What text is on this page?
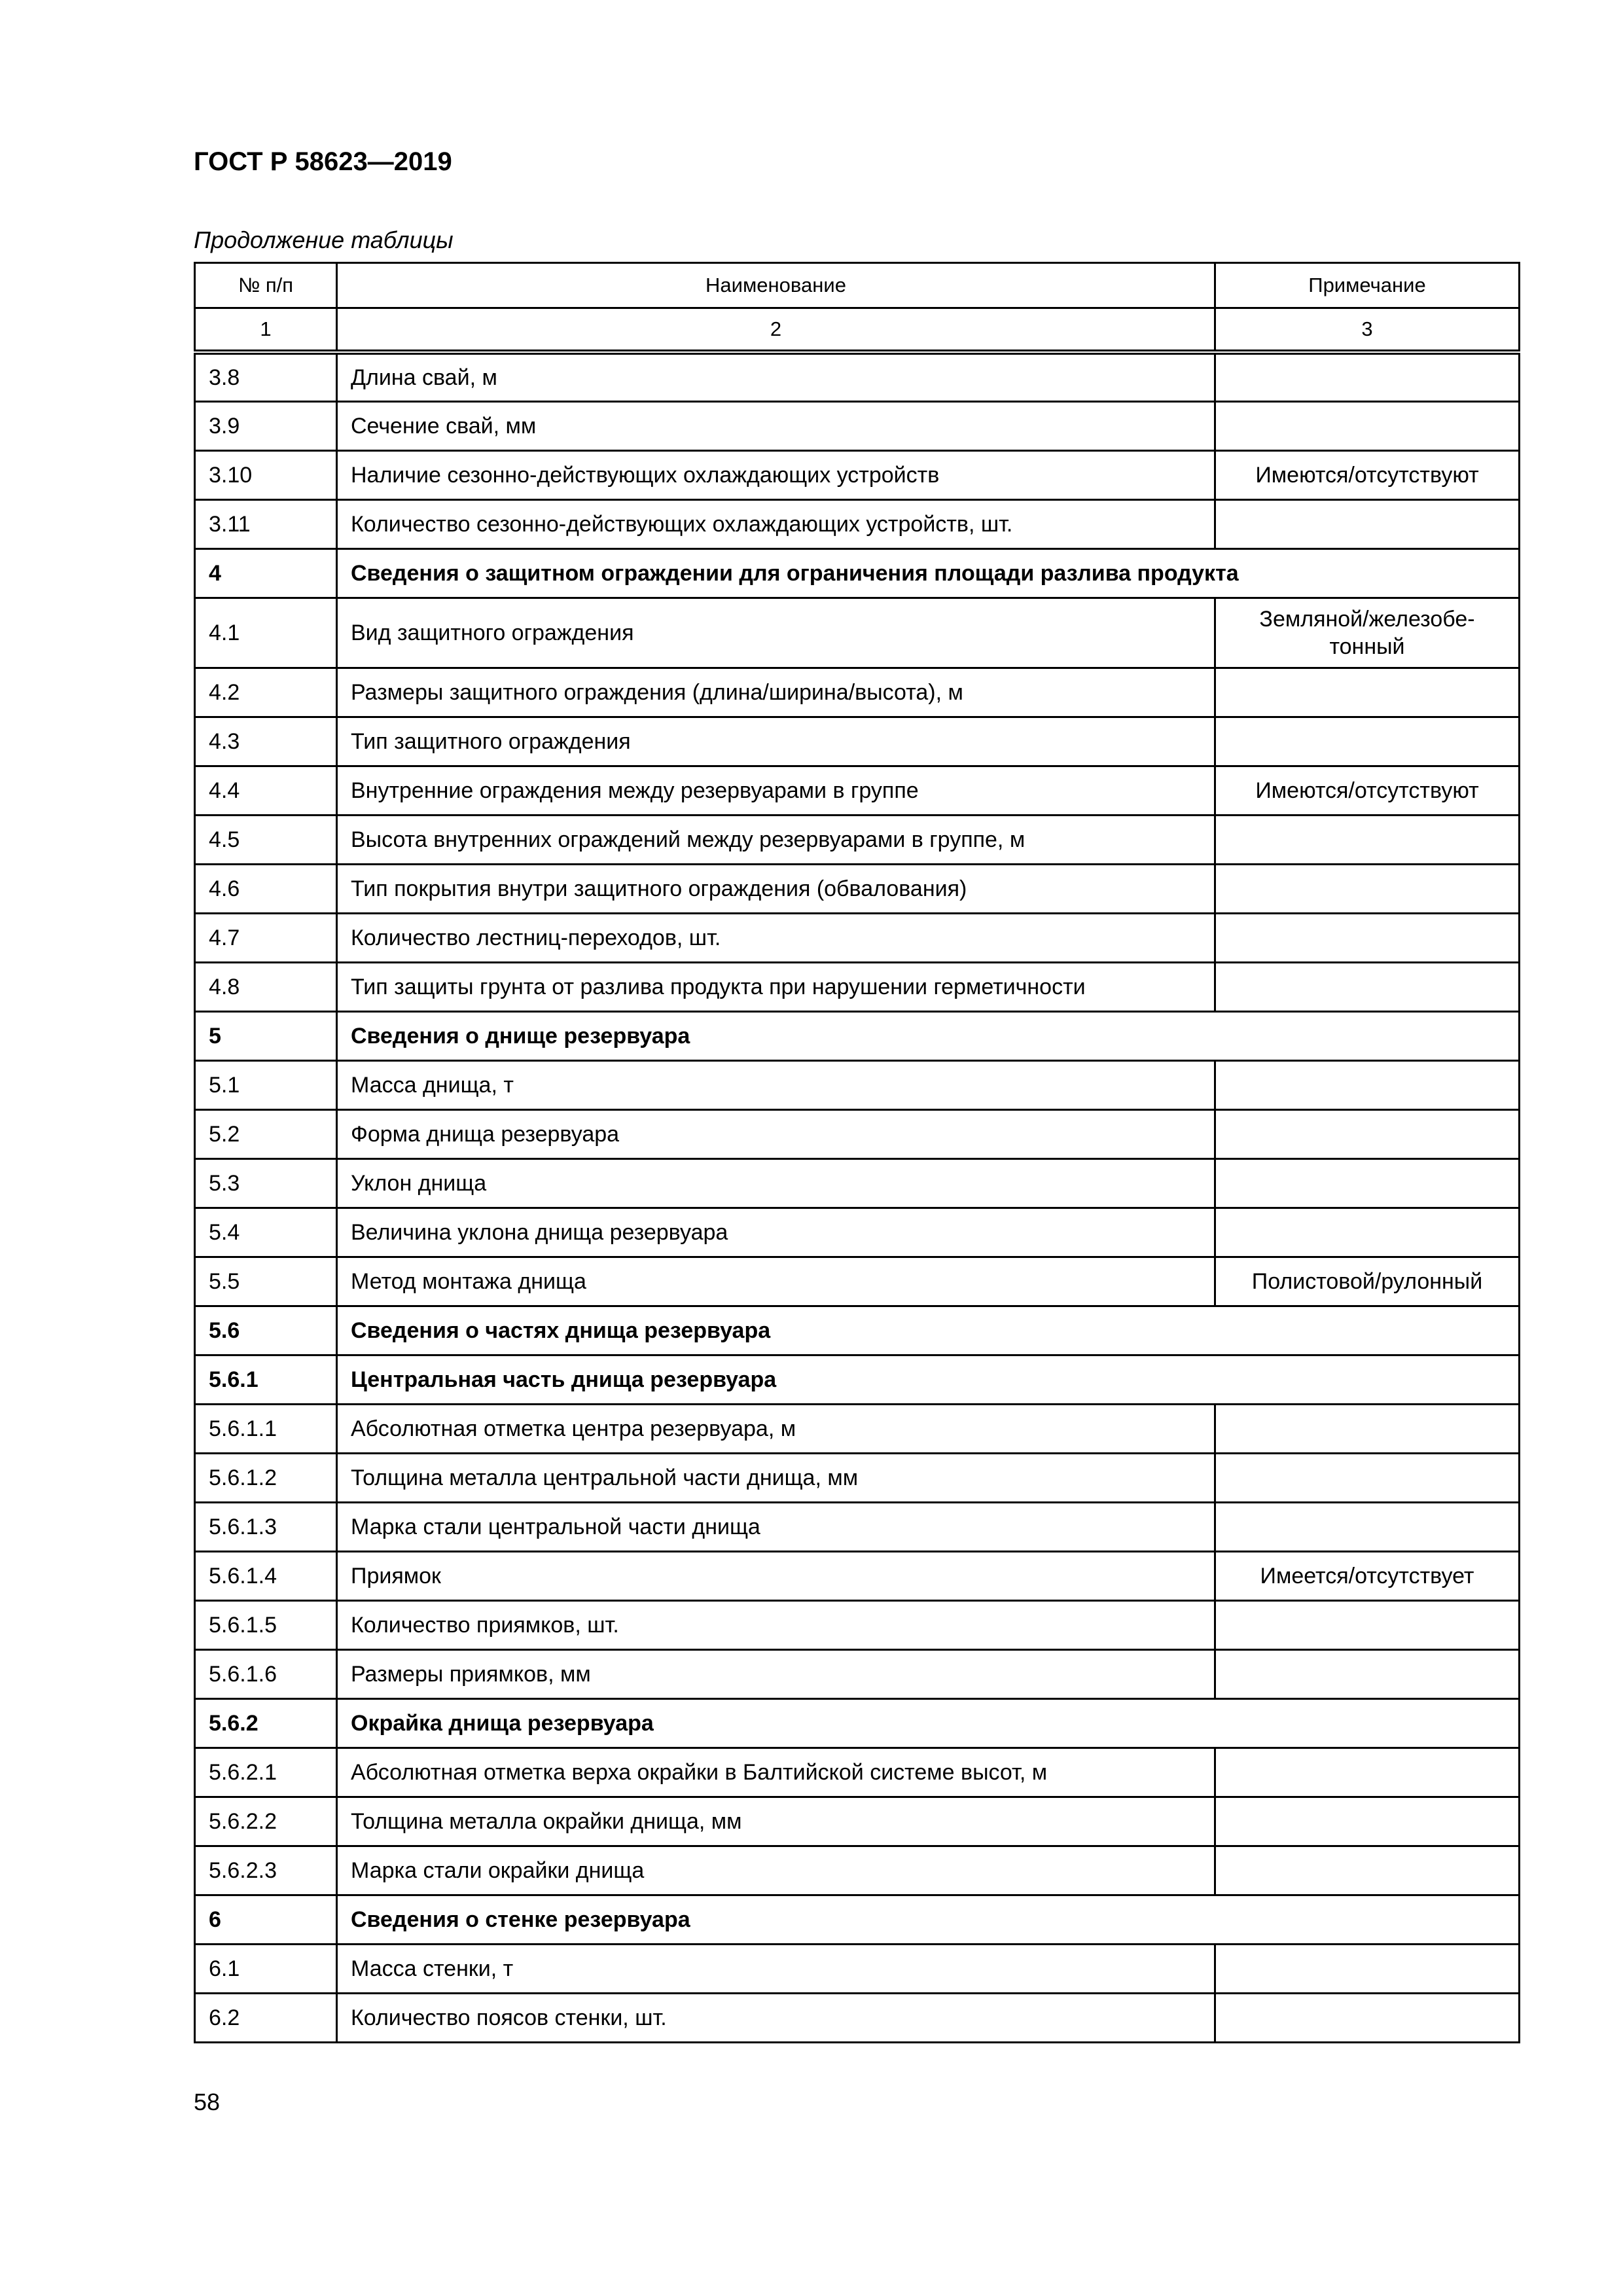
ГОСТ Р 58623—2019
Продолжение таблицы
№ п/п	Наименование	Примечание
1	2	3
3.8	Длина свай, м	
3.9	Сечение свай, мм	
3.10	Наличие сезонно-действующих охлаждающих устройств	Имеются/отсутствуют
3.11	Количество сезонно-действующих охлаждающих устройств, шт.	
4	Сведения о защитном ограждении для ограничения площади разлива продукта	
4.1	Вид защитного ограждения	Земляной/железобе-
тонный
4.2	Размеры защитного ограждения (длина/ширина/высота), м	
4.3	Тип защитного ограждения	
4.4	Внутренние ограждения между резервуарами в группе	Имеются/отсутствуют
4.5	Высота внутренних ограждений между резервуарами в группе, м	
4.6	Тип покрытия внутри защитного ограждения (обвалования)	
4.7	Количество лестниц-переходов, шт.	
4.8	Тип защиты грунта от разлива продукта при нарушении герметичности	
5	Сведения о днище резервуара	
5.1	Масса днища, т	
5.2	Форма днища резервуара	
5.3	Уклон днища	
5.4	Величина уклона днища резервуара	
5.5	Метод монтажа днища	Полистовой/рулонный
5.6	Сведения о частях днища резервуара	
5.6.1	Центральная часть днища резервуара	
5.6.1.1	Абсолютная отметка центра резервуара, м	
5.6.1.2	Толщина металла центральной части днища, мм	
5.6.1.3	Марка стали центральной части днища	
5.6.1.4	Приямок	Имеется/отсутствует
5.6.1.5	Количество приямков, шт.	
5.6.1.6	Размеры приямков, мм	
5.6.2	Окрайка днища резервуара	
5.6.2.1	Абсолютная отметка верха окрайки в Балтийской системе высот, м	
5.6.2.2	Толщина металла окрайки днища, мм	
5.6.2.3	Марка стали окрайки днища	
6	Сведения о стенке резервуара	
6.1	Масса стенки, т	
6.2	Количество поясов стенки, шт.	
58
